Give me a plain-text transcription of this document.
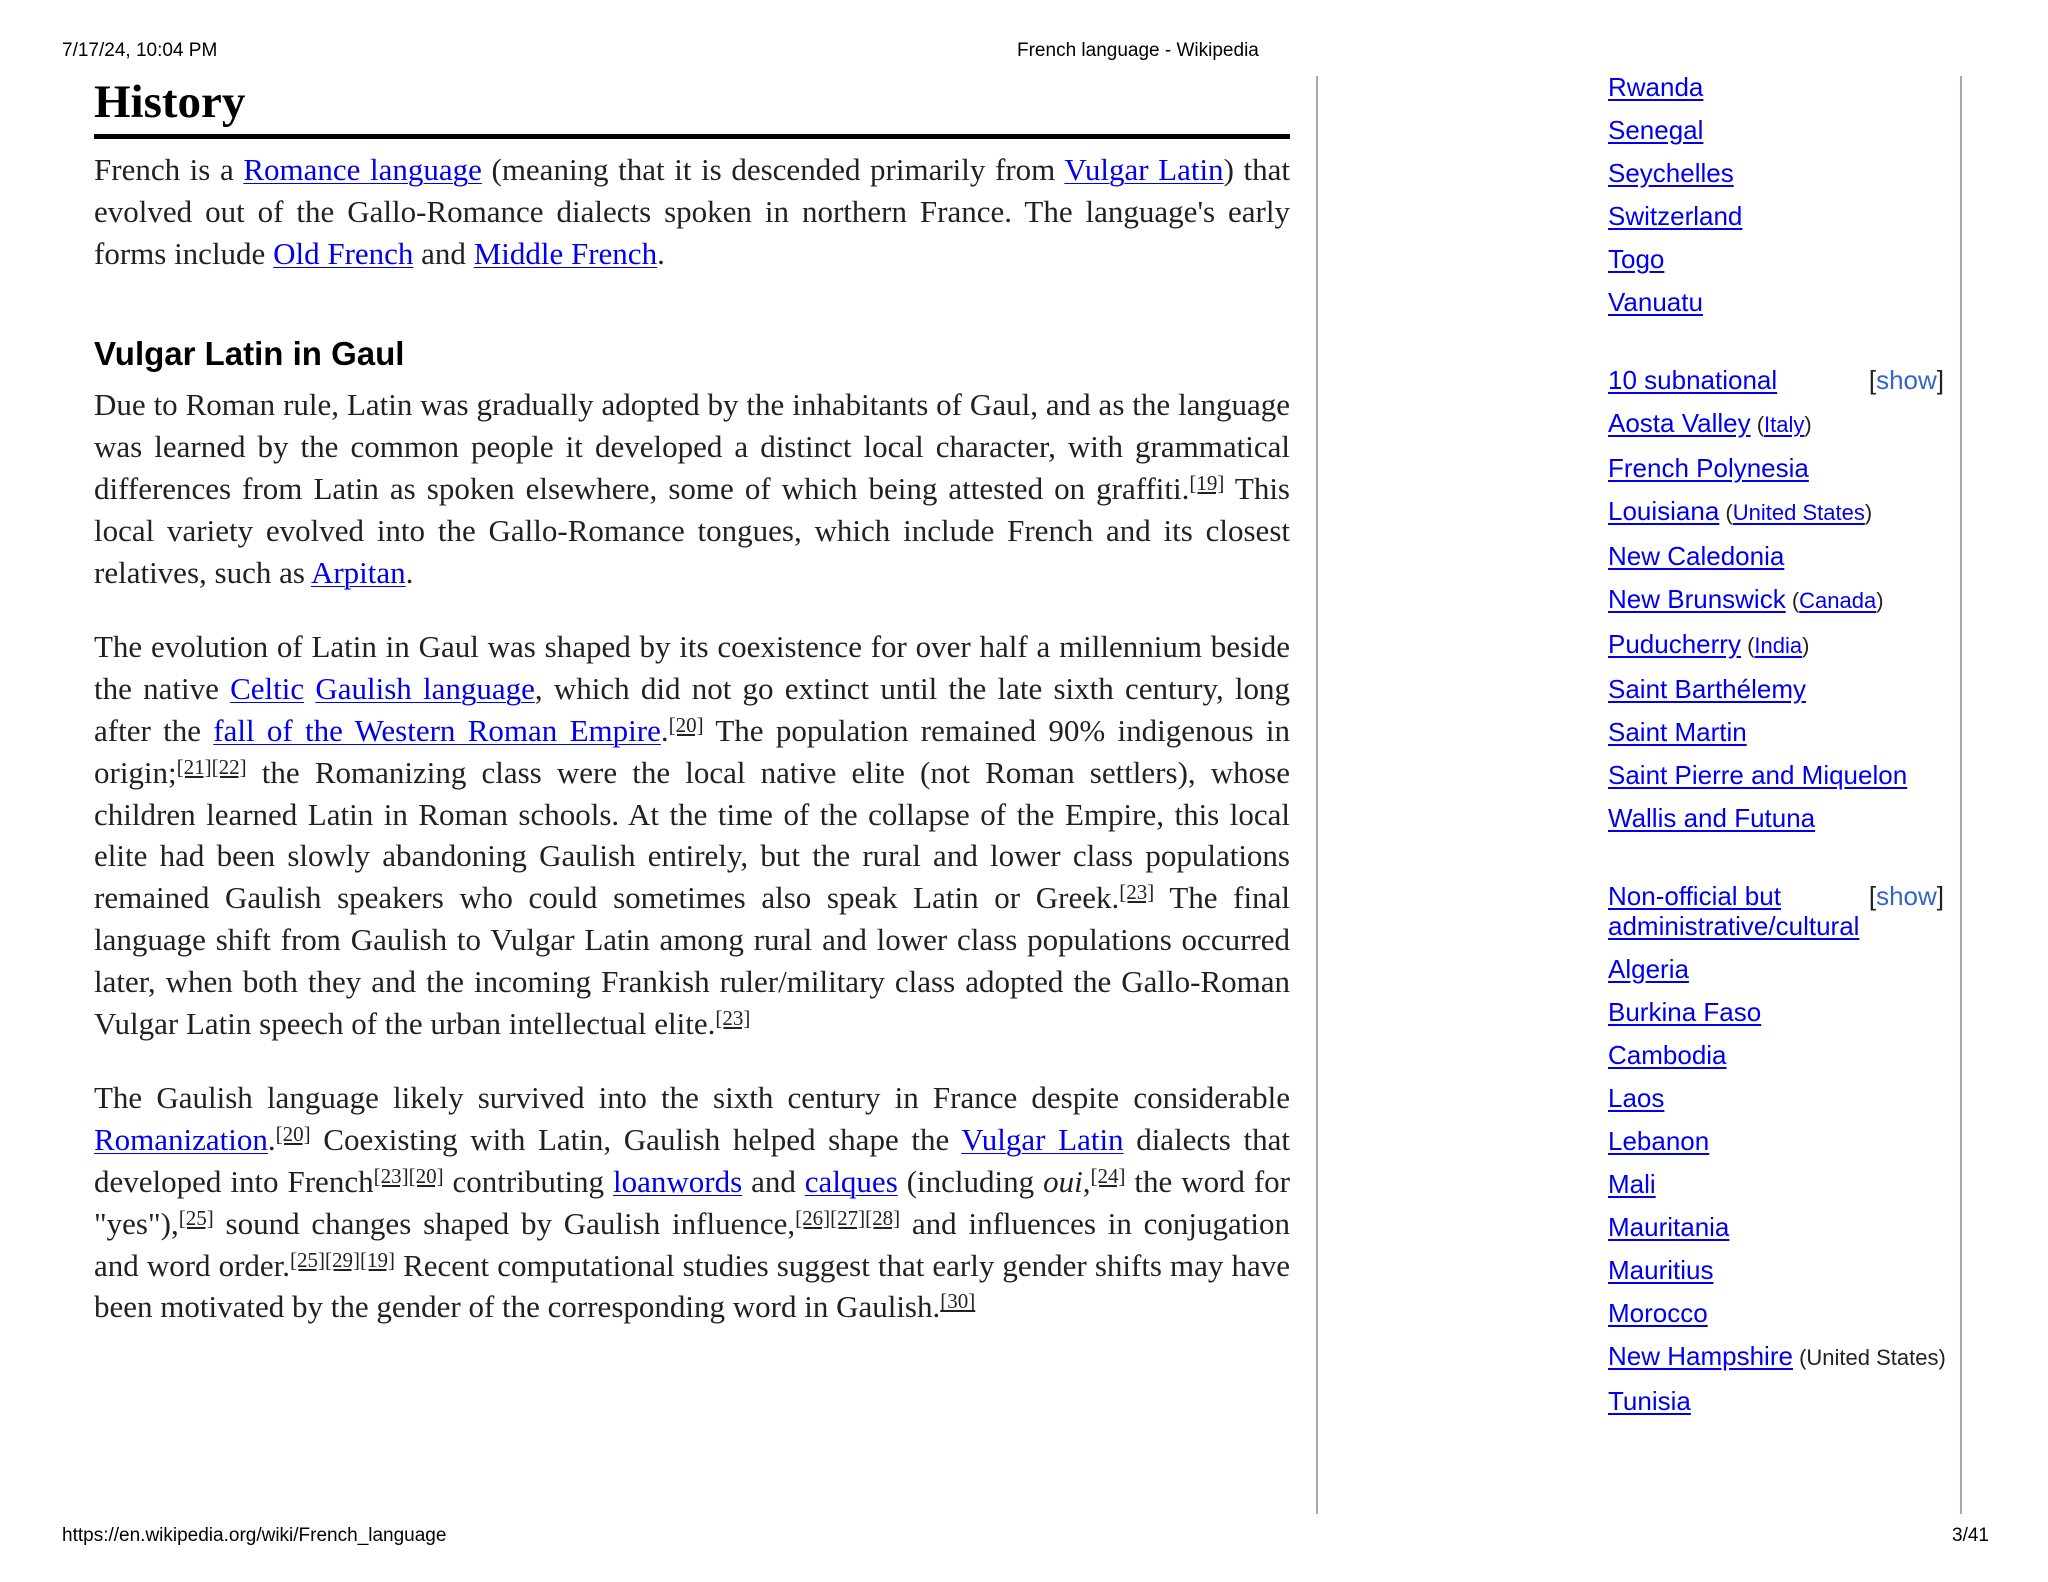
7/17/24, 10:04 PM	French language - Wikipedia
History

French is a Romance language (meaning that it is descended primarily from Vulgar Latin) that evolved out of the Gallo-Romance dialects spoken in northern France. The language's early forms include Old French and Middle French.

Vulgar Latin in Gaul

Due to Roman rule, Latin was gradually adopted by the inhabitants of Gaul, and as the language was learned by the common people it developed a distinct local character, with grammatical differences from Latin as spoken elsewhere, some of which being attested on graffiti.[19] This local variety evolved into the Gallo-Romance tongues, which include French and its closest relatives, such as Arpitan.

The evolution of Latin in Gaul was shaped by its coexistence for over half a millennium beside the native Celtic Gaulish language, which did not go extinct until the late sixth century, long after the fall of the Western Roman Empire.[20] The population remained 90% indigenous in origin;[21][22] the Romanizing class were the local native elite (not Roman settlers), whose children learned Latin in Roman schools. At the time of the collapse of the Empire, this local elite had been slowly abandoning Gaulish entirely, but the rural and lower class populations remained Gaulish speakers who could sometimes also speak Latin or Greek.[23] The final language shift from Gaulish to Vulgar Latin among rural and lower class populations occurred later, when both they and the incoming Frankish ruler/military class adopted the Gallo-Roman Vulgar Latin speech of the urban intellectual elite.[23]

The Gaulish language likely survived into the sixth century in France despite considerable Romanization.[20] Coexisting with Latin, Gaulish helped shape the Vulgar Latin dialects that developed into French[23][20] contributing loanwords and calques (including oui,[24] the word for "yes"),[25] sound changes shaped by Gaulish influence,[26][27][28] and influences in conjugation and word order.[25][29][19] Recent computational studies suggest that early gender shifts may have been motivated by the gender of the corresponding word in Gaulish.[30]

Rwanda
Senegal
Seychelles
Switzerland
Togo
Vanuatu
10 subnational	[show]
Aosta Valley (Italy)
French Polynesia
Louisiana (United States)
New Caledonia
New Brunswick (Canada)
Puducherry (India)
Saint Barthélemy
Saint Martin
Saint Pierre and Miquelon
Wallis and Futuna
Non-official but administrative/cultural
[show]
Algeria
Burkina Faso
Cambodia
Laos
Lebanon
Mali
Mauritania
Mauritius
Morocco
New Hampshire (United States)
Tunisia
https://en.wikipedia.org/wiki/French_language	3/41
